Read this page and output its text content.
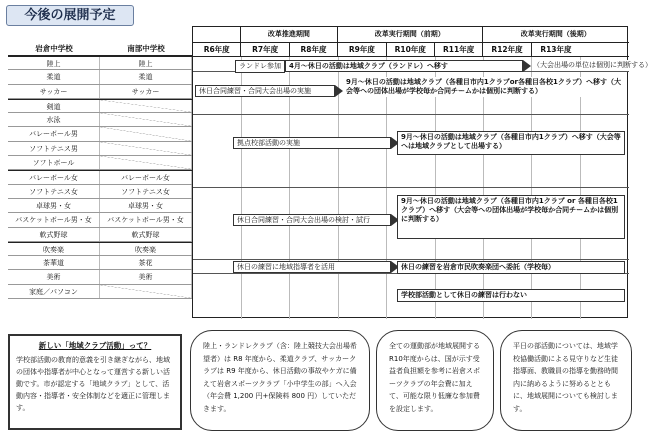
今後の展開予定
岩倉中学校	南部中学校
陸上	陸上
柔道	柔道
サッカー	サッカー
剣道
水泳
バレーボール男
ソフトテニス男
ソフトボール
バレーボール女	バレーボール女
ソフトテニス女	ソフトテニス女
卓球男・女	卓球男・女
バスケットボール男・女	バスケットボール男・女
軟式野球	軟式野球
吹奏楽	吹奏楽
茶華道	茶花
美術	美術
家庭／パソコン
改革推進期間	改革実行期間（前期）	改革実行期間（後期）
R6年度	R7年度	R8年度	R9年度	R10年度	R11年度	R12年度	R13年度
ランドレ参加	4月～休日の活動は地域クラブ（ランドレ）へ移す	（大会出場の単位は個別に判断する）
休日合同練習・合同大会出場の実施
9月～休日の活動は地域クラブ（各種目市内1クラブor各種目各校1クラブ）へ移す（大会等への団体出場が学校毎か合同チームかは個別に判断する）
拠点校部活動の実施
9月～休日の活動は地域クラブ（各種目市内1クラブ）へ移す（大会等へは地域クラブとして出場する）
休日合同練習・合同大会出場の検討・試行
9月～休日の活動は地域クラブ（各種目市内1クラブ or 各種目各校1クラブ）へ移す（大会等への団体出場が学校毎か合同チームかは個別に判断する）
休日の練習に地域指導者を活用	休日の練習を岩倉市民吹奏楽団へ委託（学校毎）
学校部活動として休日の練習は行わない
新しい「地域クラブ活動」って？
学校部活動の教育的意義を引き継ぎながら、地域の団体や指導者が中心となって運営する新しい活動です。市が認定する「地域クラブ」として、活動内容・指導者・安全体制などを適正に管理します。
陸上・ランドレクラブ（含：陸上競技大会出場希望者）は R8 年度から、柔道クラブ、サッカークラブは R9 年度から、休日活動の事故やケガに備えて岩倉スポーツクラブ「小中学生の部」へ入会（年会費 1,200 円+保険料 800 円）していただきます。
全ての運動部が地域展開する R10年度からは、国が示す受益者負担額を参考に岩倉スポーツクラブの年会費に加えて、可能な限り低廉な参加費を設定します。
平日の部活動については、地域学校協働活動による見守りなど生徒指導面、教職員の指導を勤務時間内に納めるように努めるとともに、地域展開についても検討します。
